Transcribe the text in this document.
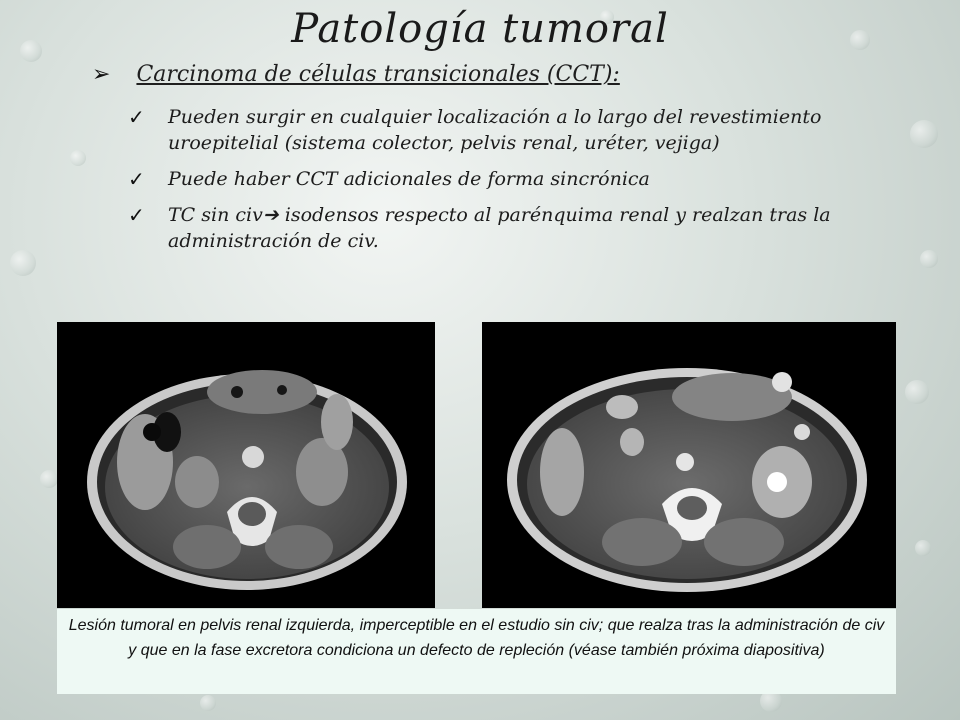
Patología tumoral
➢ Carcinoma de células transicionales (CCT):
✓	Pueden surgir en cualquier localización a lo largo del revestimiento uroepitelial (sistema colector, pelvis renal, uréter, vejiga)
✓	Puede haber CCT adicionales de forma sincrónica
✓	TC sin civ➔ isodensos respecto al parénquima renal y realzan tras la administración de civ.
Lesión tumoral en pelvis renal izquierda, imperceptible en el estudio sin civ; que realza tras la administración de civ y que en la fase excretora condiciona un defecto de repleción (véase también próxima diapositiva)
